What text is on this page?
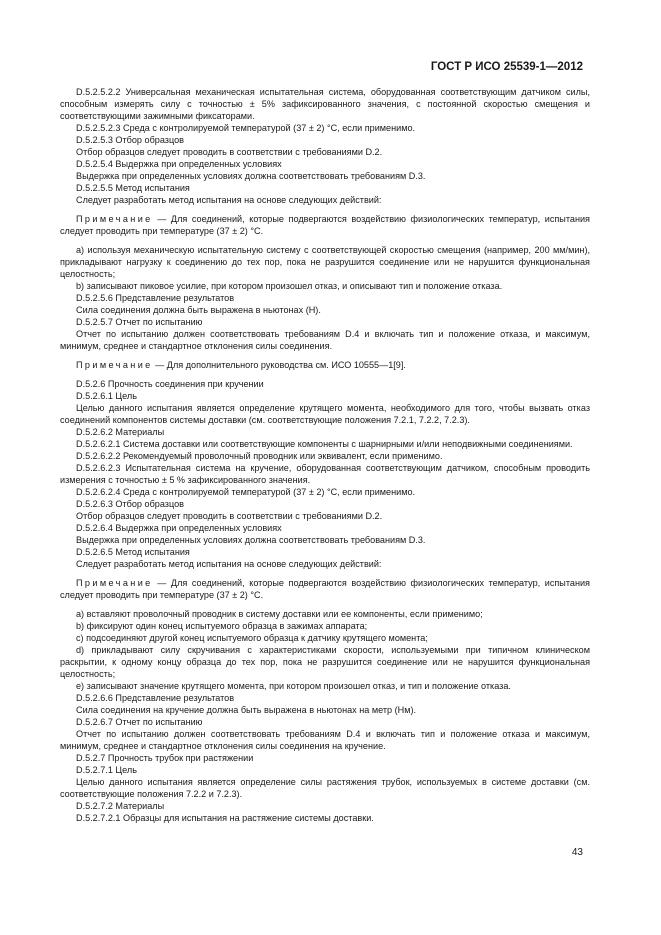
ГОСТ Р ИСО 25539-1—2012

D.5.2.5.2.2 Универсальная механическая испытательная система, оборудованная соответствующим датчиком силы, способным измерять силу с точностью ± 5% зафиксированного значения, с постоянной скоростью смещения и соответствующими зажимными фиксаторами.

D.5.2.5.2.3 Среда с контролируемой температурой (37 ± 2) °C, если применимо.

D.5.2.5.3 Отбор образцов

Отбор образцов следует проводить в соответствии с требованиями D.2.

D.5.2.5.4 Выдержка при определенных условиях

Выдержка при определенных условиях должна соответствовать требованиям D.3.

D.5.2.5.5 Метод испытания

Следует разработать метод испытания на основе следующих действий:

Примечание — Для соединений, которые подвергаются воздействию физиологических температур, испытания следует проводить при температуре (37 ± 2) °C.

а) используя механическую испытательную систему с соответствующей скоростью смещения (например, 200 мм/мин), прикладывают нагрузку к соединению до тех пор, пока не разрушится соединение или не нарушится функциональная целостность;

b) записывают пиковое усилие, при котором произошел отказ, и описывают тип и положение отказа.

D.5.2.5.6 Представление результатов

Сила соединения должна быть выражена в ньютонах (Н).

D.5.2.5.7 Отчет по испытанию

Отчет по испытанию должен соответствовать требованиям D.4 и включать тип и положение отказа, и максимум, минимум, среднее и стандартное отклонения силы соединения.

Примечание — Для дополнительного руководства см. ИСО 10555—1[9].

D.5.2.6 Прочность соединения при кручении

D.5.2.6.1 Цель

Целью данного испытания является определение крутящего момента, необходимого для того, чтобы вызвать отказ соединений компонентов системы доставки (см. соответствующие положения 7.2.1, 7.2.2, 7.2.3).

D.5.2.6.2 Материалы

D.5.2.6.2.1 Система доставки или соответствующие компоненты с шарнирными и/или неподвижными соединениями.

D.5.2.6.2.2 Рекомендуемый проволочный проводник или эквивалент, если применимо.

D.5.2.6.2.3 Испытательная система на кручение, оборудованная соответствующим датчиком, способным проводить измерения с точностью ± 5 % зафиксированного значения.

D.5.2.6.2.4 Среда с контролируемой температурой (37 ± 2) °C, если применимо.

D.5.2.6.3 Отбор образцов

Отбор образцов следует проводить в соответствии с требованиями D.2.

D.5.2.6.4 Выдержка при определенных условиях

Выдержка при определенных условиях должна соответствовать требованиям D.3.

D.5.2.6.5 Метод испытания

Следует разработать метод испытания на основе следующих действий:

Примечание — Для соединений, которые подвергаются воздействию физиологических температур, испытания следует проводить при температуре (37 ± 2) °C.

а) вставляют проволочный проводник в систему доставки или ее компоненты, если применимо;

b) фиксируют один конец испытуемого образца в зажимах аппарата;

c) подсоединяют другой конец испытуемого образца к датчику крутящего момента;

d) прикладывают силу скручивания с характеристиками скорости, используемыми при типичном клиническом раскрытии, к одному концу образца до тех пор, пока не разрушится соединение или не нарушится функциональная целостность;

e) записывают значение крутящего момента, при котором произошел отказ, и тип и положение отказа.

D.5.2.6.6 Представление результатов

Сила соединения на кручение должна быть выражена в ньютонах на метр (Нм).

D.5.2.6.7 Отчет по испытанию

Отчет по испытанию должен соответствовать требованиям D.4 и включать тип и положение отказа и максимум, минимум, среднее и стандартное отклонения силы соединения на кручение.

D.5.2.7 Прочность трубок при растяжении

D.5.2.7.1 Цель

Целью данного испытания является определение силы растяжения трубок, используемых в системе доставки (см. соответствующие положения 7.2.2 и 7.2.3).

D.5.2.7.2 Материалы

D.5.2.7.2.1 Образцы для испытания на растяжение системы доставки.

43
